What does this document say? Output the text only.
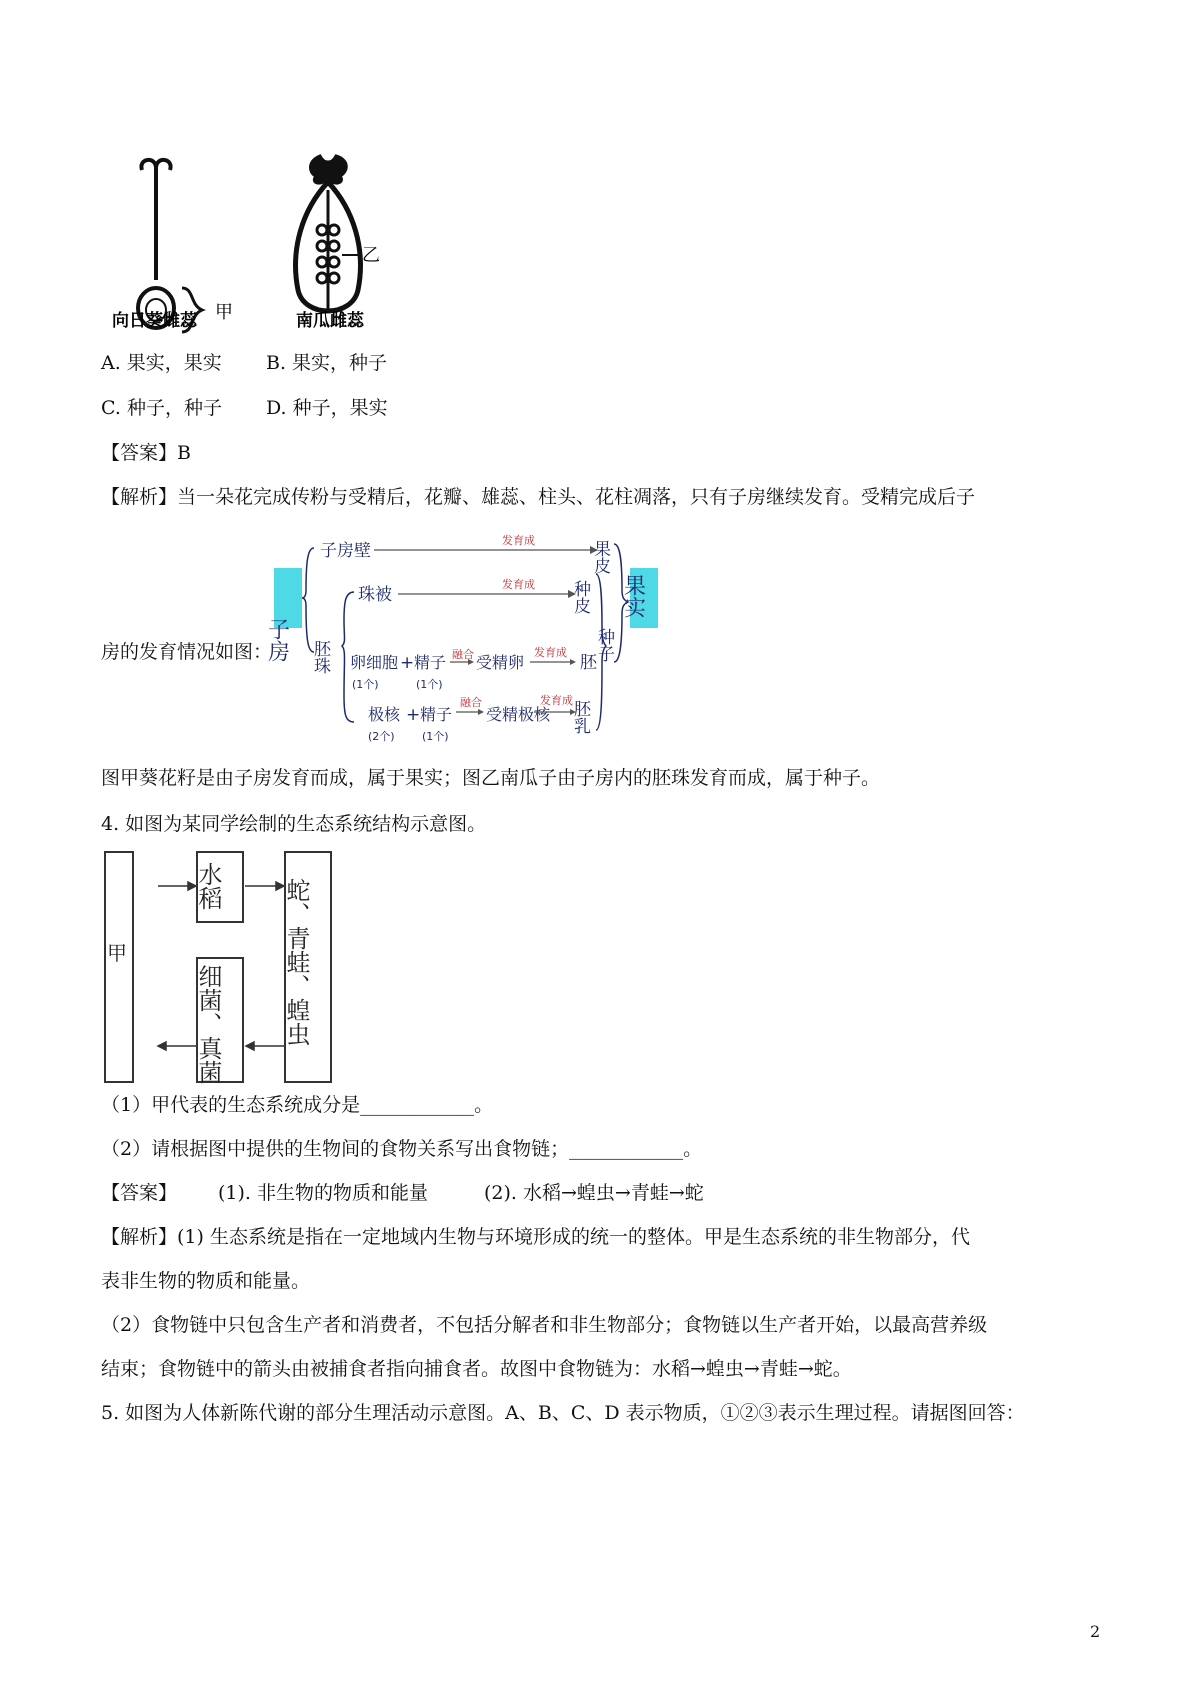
甲
乙
向日葵雌蕊	南瓜雌蕊
A. 果实，果实 B. 果实，种子
C. 种子，种子 D. 种子，果实
【答案】B
【解析】当一朵花完成传粉与受精后，花瓣、雄蕊、柱头、花柱凋落，只有子房继续发育。受精完成后子
房的发育情况如图：
子房
子房壁
发育成	果皮
胚珠
珠被
发育成 种皮 果实
卵细胞 + 精子 融合 受精卵
发育成
胚
种子
(1个)	(1个)
极核 + 精子
融合
受精极核
发育成
胚乳
(2个) (1个)
图甲葵花籽是由子房发育而成，属于果实；图乙南瓜子由子房内的胚珠发育而成，属于种子。
4. 如图为某同学绘制的生态系统结构示意图。
甲
水稻	蛇、青蛙、蝗虫
细菌、真菌
（1）甲代表的生态系统成分是____________。
（2）请根据图中提供的生物间的食物关系写出食物链；____________。
【答案】 (1). 非生物的物质和能量	(2). 水稻→蝗虫→青蛙→蛇
【解析】(1) 生态系统是指在一定地域内生物与环境形成的统一的整体。甲是生态系统的非生物部分，代
表非生物的物质和能量。
（2）食物链中只包含生产者和消费者，不包括分解者和非生物部分；食物链以生产者开始，以最高营养级
结束；食物链中的箭头由被捕食者指向捕食者。故图中食物链为：水稻→蝗虫→青蛙→蛇。
5. 如图为人体新陈代谢的部分生理活动示意图。A、B、C、D 表示物质，①②③表示生理过程。请据图回答：
2
